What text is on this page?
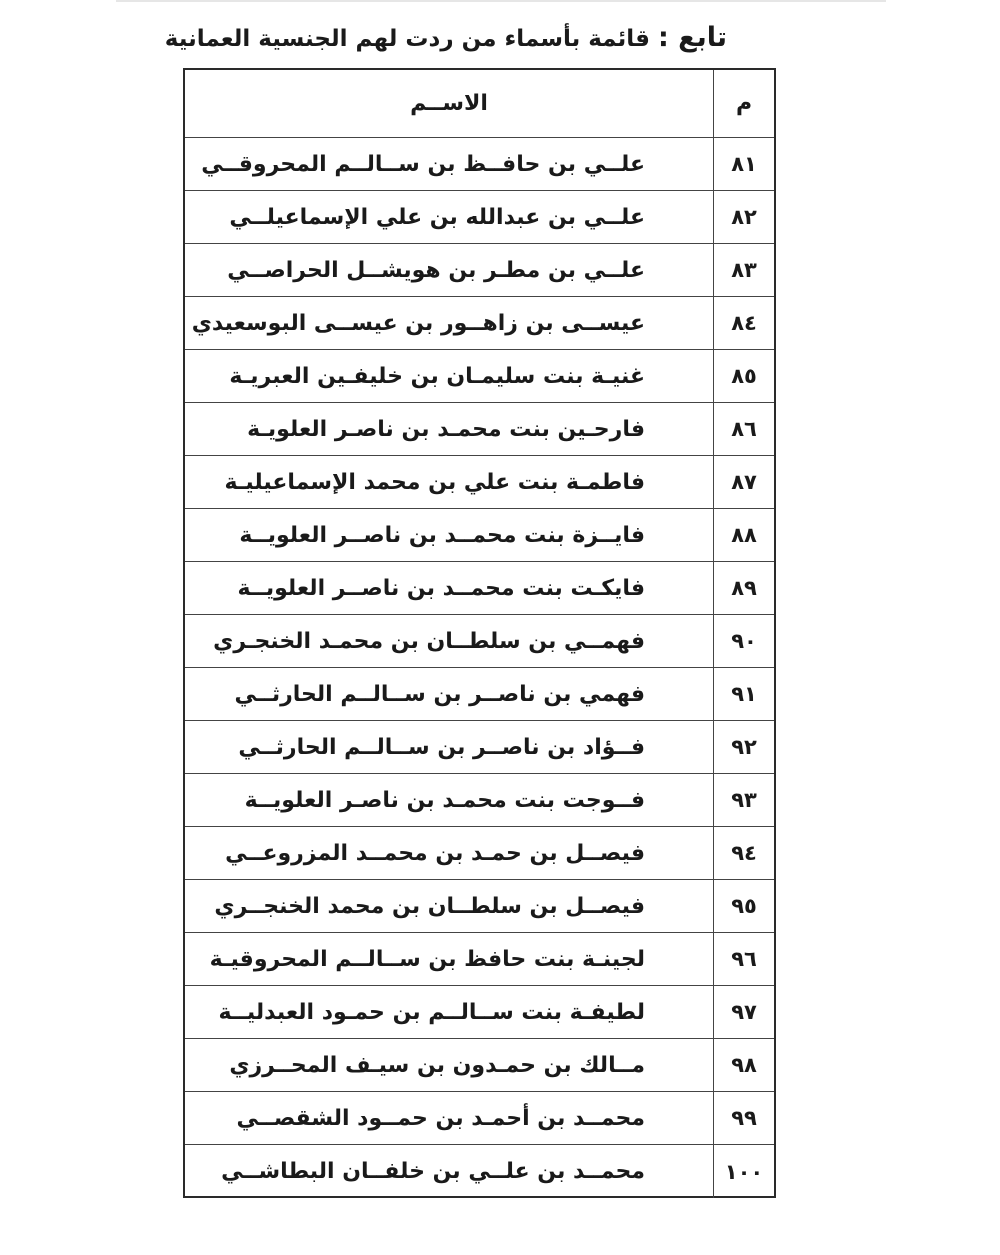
تابع : قائمة بأسماء من ردت لهم الجنسية العمانية
م
الاســم
٨١
علــي بن حافــظ بن ســالــم المحروقــي
٨٢
علــي بن عبدالله بن علي الإسماعيلــي
٨٣
علــي بن مطـر بن هويشــل الحراصــي
٨٤
عيســى بن زاهــور بن عيســى البوسعيدي
٨٥
غنيـة بنت سليمـان بن خليفـين العبريـة
٨٦
فارحـين بنت محمـد بن ناصـر العلويـة
٨٧
فاطمـة بنت علي بن محمد الإسماعيليـة
٨٨
فايــزة بنت محمــد بن ناصــر العلويــة
٨٩
فايكـت بنت محمــد بن ناصــر العلويــة
٩٠
فهمــي بن سلطــان بن محمـد الخنجـري
٩١
فهمي بن ناصــر بن ســالــم الحارثــي
٩٢
فــؤاد بن ناصــر بن ســالــم الحارثــي
٩٣
فــوجت بنت محمـد بن ناصـر العلويــة
٩٤
فيصــل بن حمـد بن محمــد المزروعــي
٩٥
فيصــل بن سلطــان بن محمد الخنجــري
٩٦
لجينـة بنت حافظ بن ســالــم المحروقيـة
٩٧
لطيفـة بنت ســالــم بن حمـود العبدليــة
٩٨
مــالك بن حمـدون بن سيـف المحــرزي
٩٩
محمــد بن أحمـد بن حمــود الشقصــي
١٠٠
محمــد بن علــي بن خلفــان البطاشــي
